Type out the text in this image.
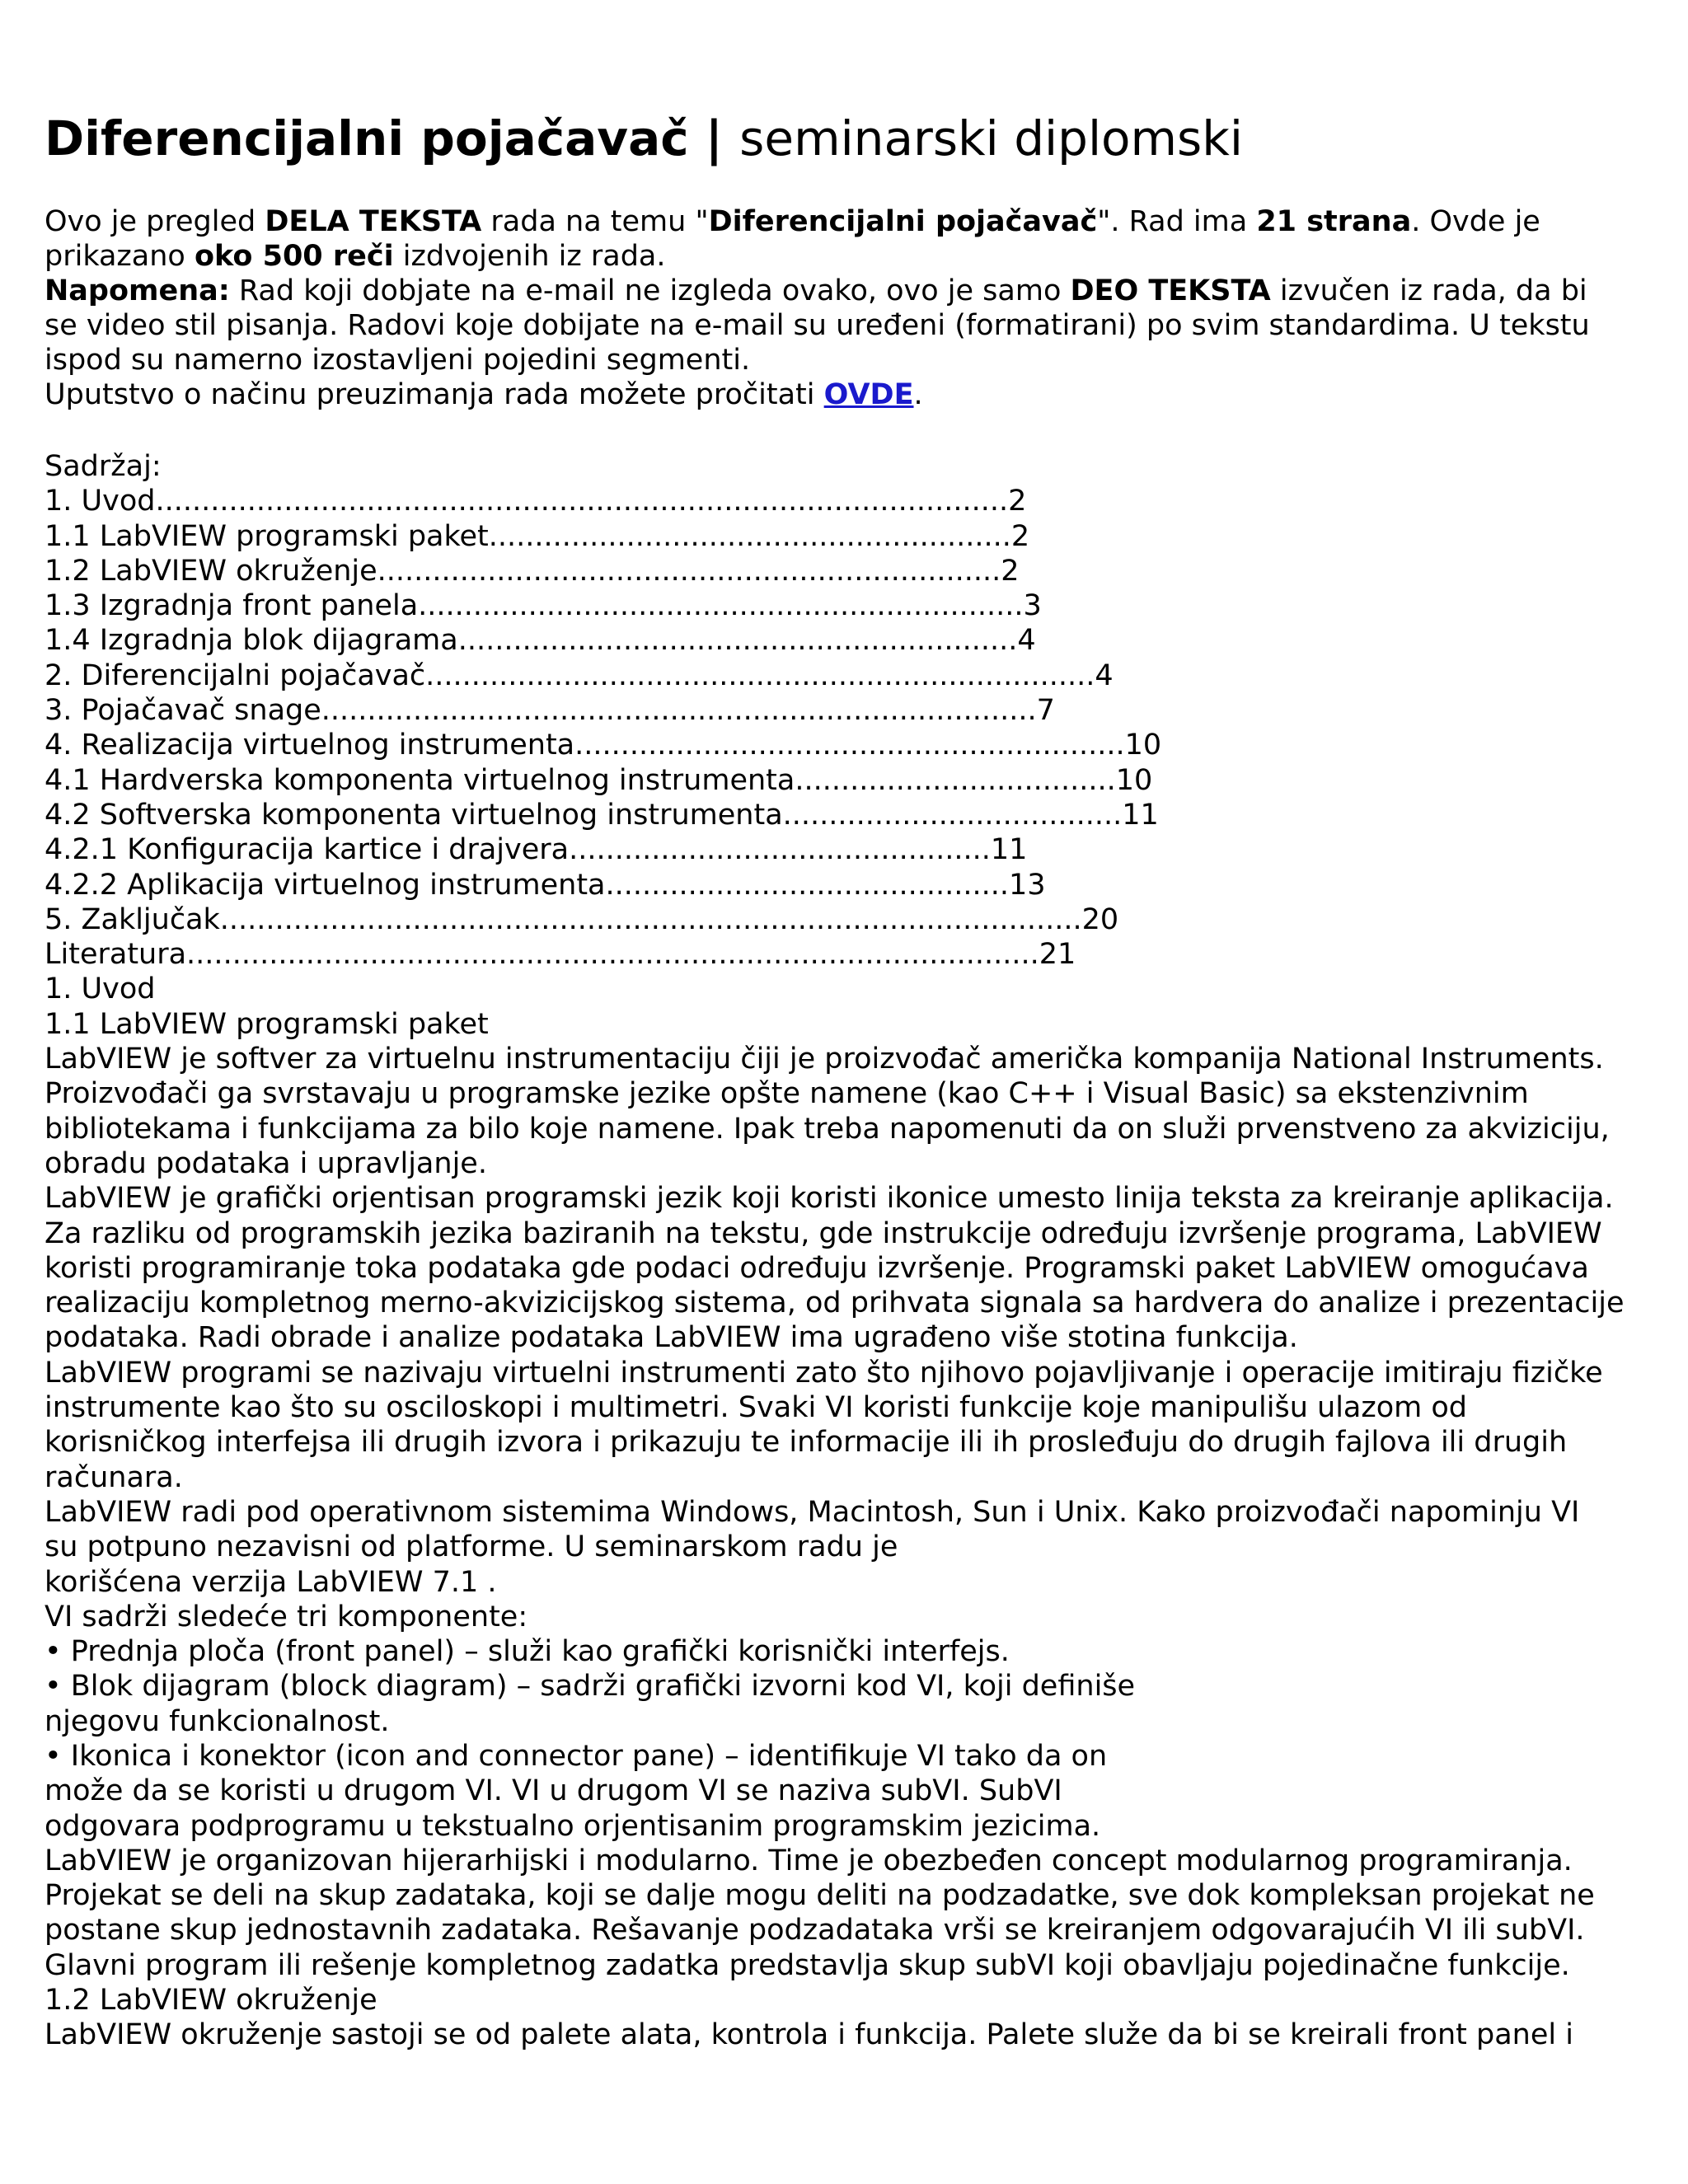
Diferencijalni pojačavač | seminarski diplomski

Ovo je pregled DELA TEKSTA rada na temu "Diferencijalni pojačavač". Rad ima 21 strana. Ovde je

prikazano oko 500 reči izdvojenih iz rada.

Napomena: Rad koji dobjate na e-mail ne izgleda ovako, ovo je samo DEO TEKSTA izvučen iz rada, da bi

se video stil pisanja. Radovi koje dobijate na e-mail su uređeni (formatirani) po svim standardima. U tekstu

ispod su namerno izostavljeni pojedini segmenti.

Uputstvo o načinu preuzimanja rada možete pročitati OVDE.

Sadržaj:
1. Uvod.............................................................................................2
1.1 LabVIEW programski paket.........................................................2
1.2 LabVIEW okruženje....................................................................2
1.3 Izgradnja front panela..................................................................3
1.4 Izgradnja blok dijagrama.............................................................4
2. Diferencijalni pojačavač.........................................................................4
3. Pojačavač snage..............................................................................7
4. Realizacija virtuelnog instrumenta............................................................10
4.1 Hardverska komponenta virtuelnog instrumenta...................................10
4.2 Softverska komponenta virtuelnog instrumenta.....................................11
4.2.1 Konfiguracija kartice i drajvera..............................................11
4.2.2 Aplikacija virtuelnog instrumenta............................................13
5. Zaključak..............................................................................................20
Literatura.............................................................................................21
1. Uvod
1.1 LabVIEW programski paket
LabVIEW je softver za virtuelnu instrumentaciju čiji je proizvođač američka kompanija National Instruments.
Proizvođači ga svrstavaju u programske jezike opšte namene (kao C++ i Visual Basic) sa ekstenzivnim
bibliotekama i funkcijama za bilo koje namene. Ipak treba napomenuti da on služi prvenstveno za akviziciju,
obradu podataka i upravljanje.
LabVIEW je grafički orjentisan programski jezik koji koristi ikonice umesto linija teksta za kreiranje aplikacija.
Za razliku od programskih jezika baziranih na tekstu, gde instrukcije određuju izvršenje programa, LabVIEW
koristi programiranje toka podataka gde podaci određuju izvršenje. Programski paket LabVIEW omogućava
realizaciju kompletnog merno-akvizicijskog sistema, od prihvata signala sa hardvera do analize i prezentacije
podataka. Radi obrade i analize podataka LabVIEW ima ugrađeno više stotina funkcija.
LabVIEW programi se nazivaju virtuelni instrumenti zato što njihovo pojavljivanje i operacije imitiraju fizičke
instrumente kao što su osciloskopi i multimetri. Svaki VI koristi funkcije koje manipulišu ulazom od
korisničkog interfejsa ili drugih izvora i prikazuju te informacije ili ih prosleđuju do drugih fajlova ili drugih
računara.
LabVIEW radi pod operativnom sistemima Windows, Macintosh, Sun i Unix. Kako proizvođači napominju VI
su potpuno nezavisni od platforme. U seminarskom radu je
korišćena verzija LabVIEW 7.1 .
VI sadrži sledeće tri komponente:
• Prednja ploča (front panel) – služi kao grafički korisnički interfejs.
• Blok dijagram (block diagram) – sadrži grafički izvorni kod VI, koji definiše
njegovu funkcionalnost.
• Ikonica i konektor (icon and connector pane) – identifikuje VI tako da on
može da se koristi u drugom VI. VI u drugom VI se naziva subVI. SubVI
odgovara podprogramu u tekstualno orjentisanim programskim jezicima.
LabVIEW je organizovan hijerarhijski i modularno. Time je obezbeđen concept modularnog programiranja.
Projekat se deli na skup zadataka, koji se dalje mogu deliti na podzadatke, sve dok kompleksan projekat ne
postane skup jednostavnih zadataka. Rešavanje podzadataka vrši se kreiranjem odgovarajućih VI ili subVI.
Glavni program ili rešenje kompletnog zadatka predstavlja skup subVI koji obavljaju pojedinačne funkcije.
1.2 LabVIEW okruženje
LabVIEW okruženje sastoji se od palete alata, kontrola i funkcija. Palete služe da bi se kreirali front panel i
